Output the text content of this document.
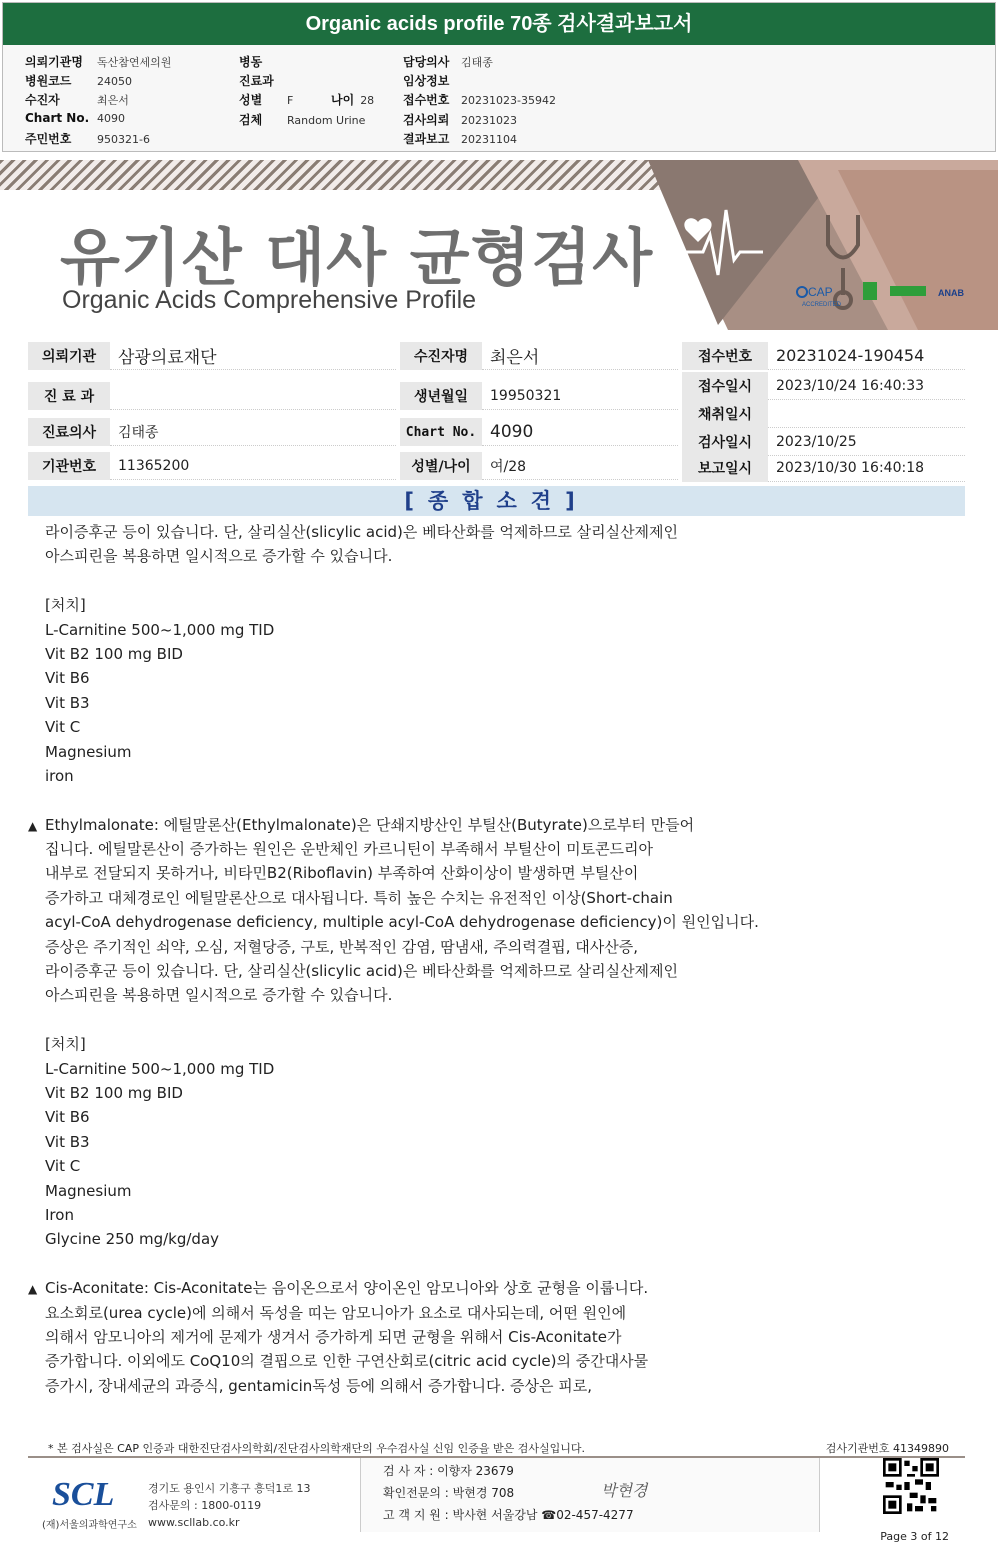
Organic acids profile 70종 검사결과보고서
의뢰기관명 독산참연세의원
병원코드 24050
수진자	최은서
Chart No. 4090
주민번호 950321-6
병동
진료과
성별 F	나이 28
검체 Random Urine
담당의사 김태종
임상정보
접수번호 20231023-35942
검사의뢰 20231023
결과보고 20231104
유기산 대사 균형검사
Organic Acids Comprehensive Profile	CAP
ACCREDITED
ANAB
의뢰기관	삼광의료재단
진 료 과
진료의사	김태종
기관번호	11365200
수진자명	최은서
생년월일	19950321
Chart No. 4090
성별/나이	여/28
접수번호	20231024-190454
접수일시	2023/10/24 16:40:33
채취일시
검사일시	2023/10/25
보고일시	2023/10/30 16:40:18
[종합소견]
라이증후군 등이 있습니다. 단, 살리실산(slicylic acid)은 베타산화를 억제하므로 살리실산제제인
아스피린을 복용하면 일시적으로 증가할 수 있습니다.
[처치]
L-Carnitine 500~1,000 mg TID
Vit B2 100 mg BID
Vit B6
Vit B3
Vit C
Magnesium
iron
▲ Ethylmalonate: 에틸말론산(Ethylmalonate)은 단쇄지방산인 부틸산(Butyrate)으로부터 만들어
집니다. 에틸말론산이 증가하는 원인은 운반체인 카르니틴이 부족해서 부틸산이 미토콘드리아
내부로 전달되지 못하거나, 비타민B2(Riboflavin) 부족하여 산화이상이 발생하면 부틸산이
증가하고 대체경로인 에틸말론산으로 대사됩니다. 특히 높은 수치는 유전적인 이상(Short-chain
acyl-CoA dehydrogenase deficiency, multiple acyl-CoA dehydrogenase deficiency)이 원인입니다.
증상은 주기적인 쇠약, 오심, 저혈당증, 구토, 반복적인 감염, 땀냄새, 주의력결핍, 대사산증,
라이증후군 등이 있습니다. 단, 살리실산(slicylic acid)은 베타산화를 억제하므로 살리실산제제인
아스피린을 복용하면 일시적으로 증가할 수 있습니다.
[처치]
L-Carnitine 500~1,000 mg TID
Vit B2 100 mg BID
Vit B6
Vit B3
Vit C
Magnesium
Iron
Glycine 250 mg/kg/day
▲ Cis-Aconitate: Cis-Aconitate는 음이온으로서 양이온인 암모니아와 상호 균형을 이룹니다.
요소회로(urea cycle)에 의해서 독성을 띠는 암모니아가 요소로 대사되는데, 어떤 원인에
의해서 암모니아의 제거에 문제가 생겨서 증가하게 되면 균형을 위해서 Cis-Aconitate가
증가합니다. 이외에도 CoQ10의 결핍으로 인한 구연산회로(citric acid cycle)의 중간대사물
증가시, 장내세균의 과증식, gentamicin독성 등에 의해서 증가합니다. 증상은 피로,
* 본 검사실은 CAP 인증과 대한진단검사의학회/진단검사의학재단의 우수검사실 신임 인증을 받은 검사실입니다.	검사기관번호 41349890
SCL
(재)서울의과학연구소
경기도 용인시 기흥구 흥덕1로 13
검사문의 : 1800-0119
www.scllab.co.kr
검 사 자 : 이향자 23679
확인전문의 : 박현경 708
고 객 지 원 : 박사현 서울강남 ☎02-457-4277
박현경
Page 3 of 12
